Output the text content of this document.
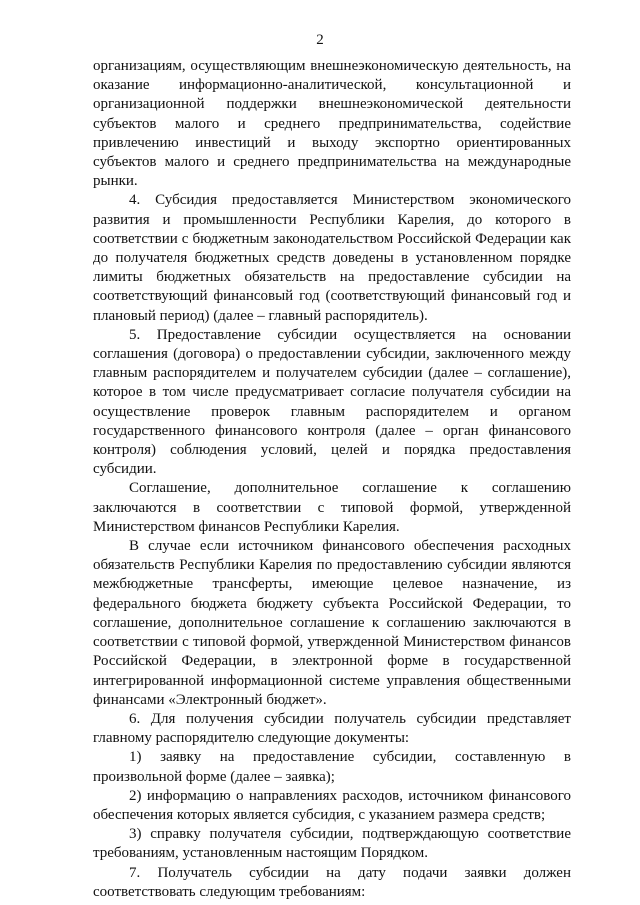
2

организациям, осуществляющим внешнеэкономическую деятельность, на оказание информационно-аналитической, консультационной и организационной поддержки внешнеэкономической деятельности субъектов малого и среднего предпринимательства, содействие привлечению инвестиций и выходу экспортно ориентированных субъектов малого и среднего предпринимательства на международные рынки.

4. Субсидия предоставляется Министерством экономического развития и промышленности Республики Карелия, до которого в соответствии с бюджетным законодательством Российской Федерации как до получателя бюджетных средств доведены в установленном порядке лимиты бюджетных обязательств на предоставление субсидии на соответствующий финансовый год (соответствующий финансовый год и плановый период) (далее – главный распорядитель).

5. Предоставление субсидии осуществляется на основании соглашения (договора) о предоставлении субсидии, заключенного между главным распорядителем и получателем субсидии (далее – соглашение), которое в том числе предусматривает согласие получателя субсидии на осуществление проверок главным распорядителем и органом государственного финансового контроля (далее – орган финансового контроля) соблюдения условий, целей и порядка предоставления субсидии.

Соглашение, дополнительное соглашение к соглашению заключаются в соответствии с типовой формой, утвержденной Министерством финансов Республики Карелия.

В случае если источником финансового обеспечения расходных обязательств Республики Карелия по предоставлению субсидии являются межбюджетные трансферты, имеющие целевое назначение, из федерального бюджета бюджету субъекта Российской Федерации, то соглашение, дополнительное соглашение к соглашению заключаются в соответствии с типовой формой, утвержденной Министерством финансов Российской Федерации, в электронной форме в государственной интегрированной информационной системе управления общественными финансами «Электронный бюджет».

6. Для получения субсидии получатель субсидии представляет главному распорядителю следующие документы:

1) заявку на предоставление субсидии, составленную в произвольной форме (далее – заявка);

2) информацию о направлениях расходов, источником финансового обеспечения которых является субсидия, с указанием размера средств;

3) справку получателя субсидии, подтверждающую соответствие требованиям, установленным настоящим Порядком.

7. Получатель субсидии на дату подачи заявки должен соответствовать следующим требованиям:
